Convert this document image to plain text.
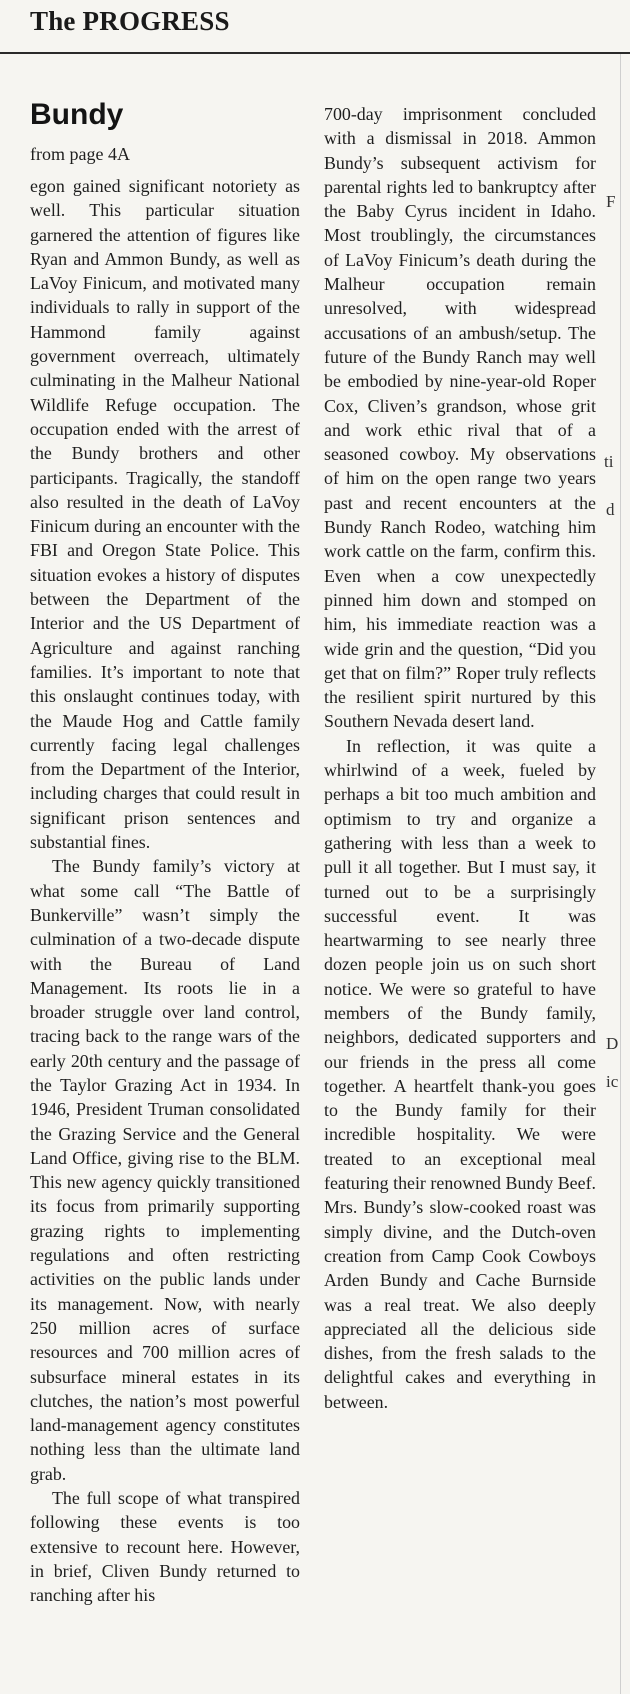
The PROGRESS
Bundy
from page 4A

egon gained significant notoriety as well. This particular situation garnered the attention of figures like Ryan and Ammon Bundy, as well as LaVoy Finicum, and motivated many individuals to rally in support of the Hammond family against government overreach, ultimately culminating in the Malheur National Wildlife Refuge occupation. The occupation ended with the arrest of the Bundy brothers and other participants. Tragically, the standoff also resulted in the death of LaVoy Finicum during an encounter with the FBI and Oregon State Police. This situation evokes a history of disputes between the Department of the Interior and the US Department of Agriculture and against ranching families. It’s important to note that this onslaught continues today, with the Maude Hog and Cattle family currently facing legal challenges from the Department of the Interior, including charges that could result in significant prison sentences and substantial fines.

The Bundy family’s victory at what some call “The Battle of Bunkerville” wasn’t simply the culmination of a two-decade dispute with the Bureau of Land Management. Its roots lie in a broader struggle over land control, tracing back to the range wars of the early 20th century and the passage of the Taylor Grazing Act in 1934. In 1946, President Truman consolidated the Grazing Service and the General Land Office, giving rise to the BLM. This new agency quickly transitioned its focus from primarily supporting grazing rights to implementing regulations and often restricting activities on the public lands under its management. Now, with nearly 250 million acres of surface resources and 700 million acres of subsurface mineral estates in its clutches, the nation’s most powerful land-management agency constitutes nothing less than the ultimate land grab.

The full scope of what transpired following these events is too extensive to recount here. However, in brief, Cliven Bundy returned to ranching after his

700-day imprisonment concluded with a dismissal in 2018. Ammon Bundy’s subsequent activism for parental rights led to bankruptcy after the Baby Cyrus incident in Idaho. Most troublingly, the circumstances of LaVoy Finicum’s death during the Malheur occupation remain unresolved, with widespread accusations of an ambush/setup. The future of the Bundy Ranch may well be embodied by nine-year-old Roper Cox, Cliven’s grandson, whose grit and work ethic rival that of a seasoned cowboy. My observations of him on the open range two years past and recent encounters at the Bundy Ranch Rodeo, watching him work cattle on the farm, confirm this. Even when a cow unexpectedly pinned him down and stomped on him, his immediate reaction was a wide grin and the question, “Did you get that on film?” Roper truly reflects the resilient spirit nurtured by this Southern Nevada desert land.

In reflection, it was quite a whirlwind of a week, fueled by perhaps a bit too much ambition and optimism to try and organize a gathering with less than a week to pull it all together. But I must say, it turned out to be a surprisingly successful event. It was heartwarming to see nearly three dozen people join us on such short notice. We were so grateful to have members of the Bundy family, neighbors, dedicated supporters and our friends in the press all come together. A heartfelt thank-you goes to the Bundy family for their incredible hospitality. We were treated to an exceptional meal featuring their renowned Bundy Beef. Mrs. Bundy’s slow-cooked roast was simply divine, and the Dutch-oven creation from Camp Cook Cowboys Arden Bundy and Cache Burnside was a real treat. We also deeply appreciated all the delicious side dishes, from the fresh salads to the delightful cakes and everything in between.

F
ti
d
D
ic
